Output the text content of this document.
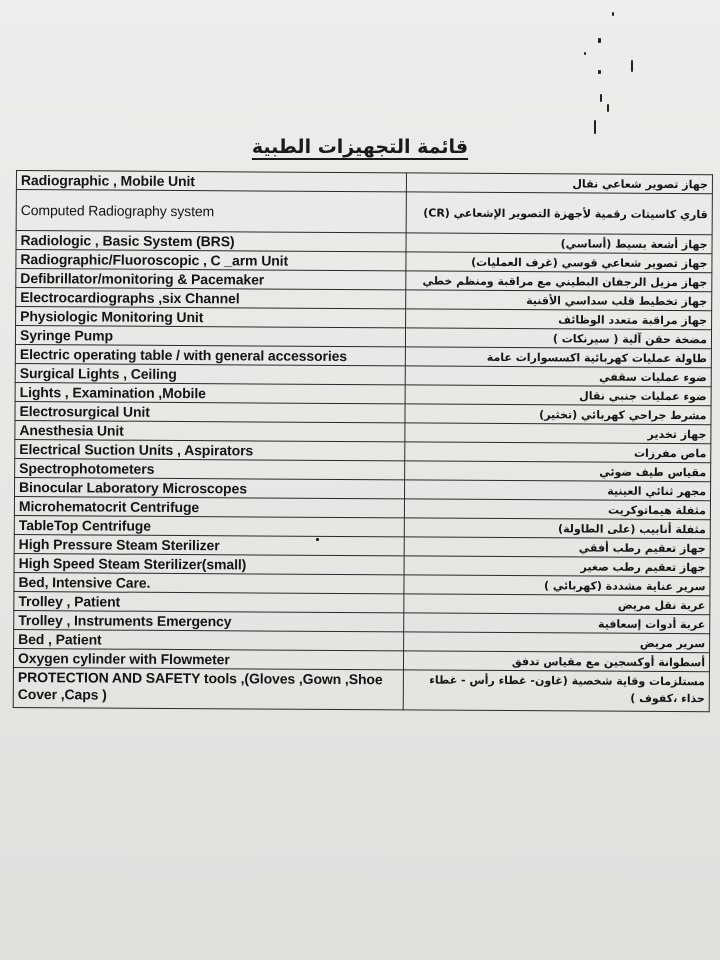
قائمة التجهيزات الطبية
Radiographic , Mobile Unit	جهاز تصوير شعاعي نقال
Computed Radiography system	قاري كاسيتات رقمية لأجهزة التصوير الإشعاعي (CR)
Radiologic , Basic System (BRS)	جهاز أشعة بسيط (أساسي)
Radiographic/Fluoroscopic , C _arm Unit	جهاز تصوير شعاعي قوسي (غرف العمليات)
Defibrillator/monitoring & Pacemaker	جهاز مزيل الرجفان البطيني مع مراقبة ومنظم خطي
Electrocardiographs ,six Channel	جهاز تخطيط قلب سداسي الأقنية
Physiologic Monitoring Unit	جهاز مراقبة متعدد الوظائف
Syringe Pump	مضخة حقن آلية ( سيرنكات )
Electric operating table / with general accessories	طاولة عمليات كهربائية اكسسوارات عامة
Surgical Lights , Ceiling	ضوء عمليات سقفي
Lights , Examination ,Mobile	ضوء عمليات جنبي نقال
Electrosurgical Unit	مشرط جراحي كهربائي (تخثير)
Anesthesia Unit	جهاز تخدير
Electrical Suction Units , Aspirators	ماص مفرزات
Spectrophotometers	مقياس طيف ضوئي
Binocular Laboratory Microscopes	مجهر ثنائي العينية
Microhematocrit Centrifuge	مثفلة هيماتوكريت
TableTop Centrifuge	مثفلة أنابيب (على الطاولة)
High Pressure Steam Sterilizer	جهاز تعقيم رطب أفقي
High Speed Steam Sterilizer(small)	جهاز تعقيم رطب صغير
Bed, Intensive Care.	سرير عناية مشددة (كهربائي )
Trolley , Patient	عربة نقل مريض
Trolley , Instruments Emergency	عربة أدوات إسعافية
Bed , Patient	سرير مريض
Oxygen cylinder with Flowmeter	أسطوانة أوكسجين مع مقياس تدفق
PROTECTION AND SAFETY tools ,(Gloves ,Gown ,Shoe Cover ,Caps )	مستلزمات وقاية شخصية (غاون- غطاء رأس - غطاء حذاء ،كفوف )
